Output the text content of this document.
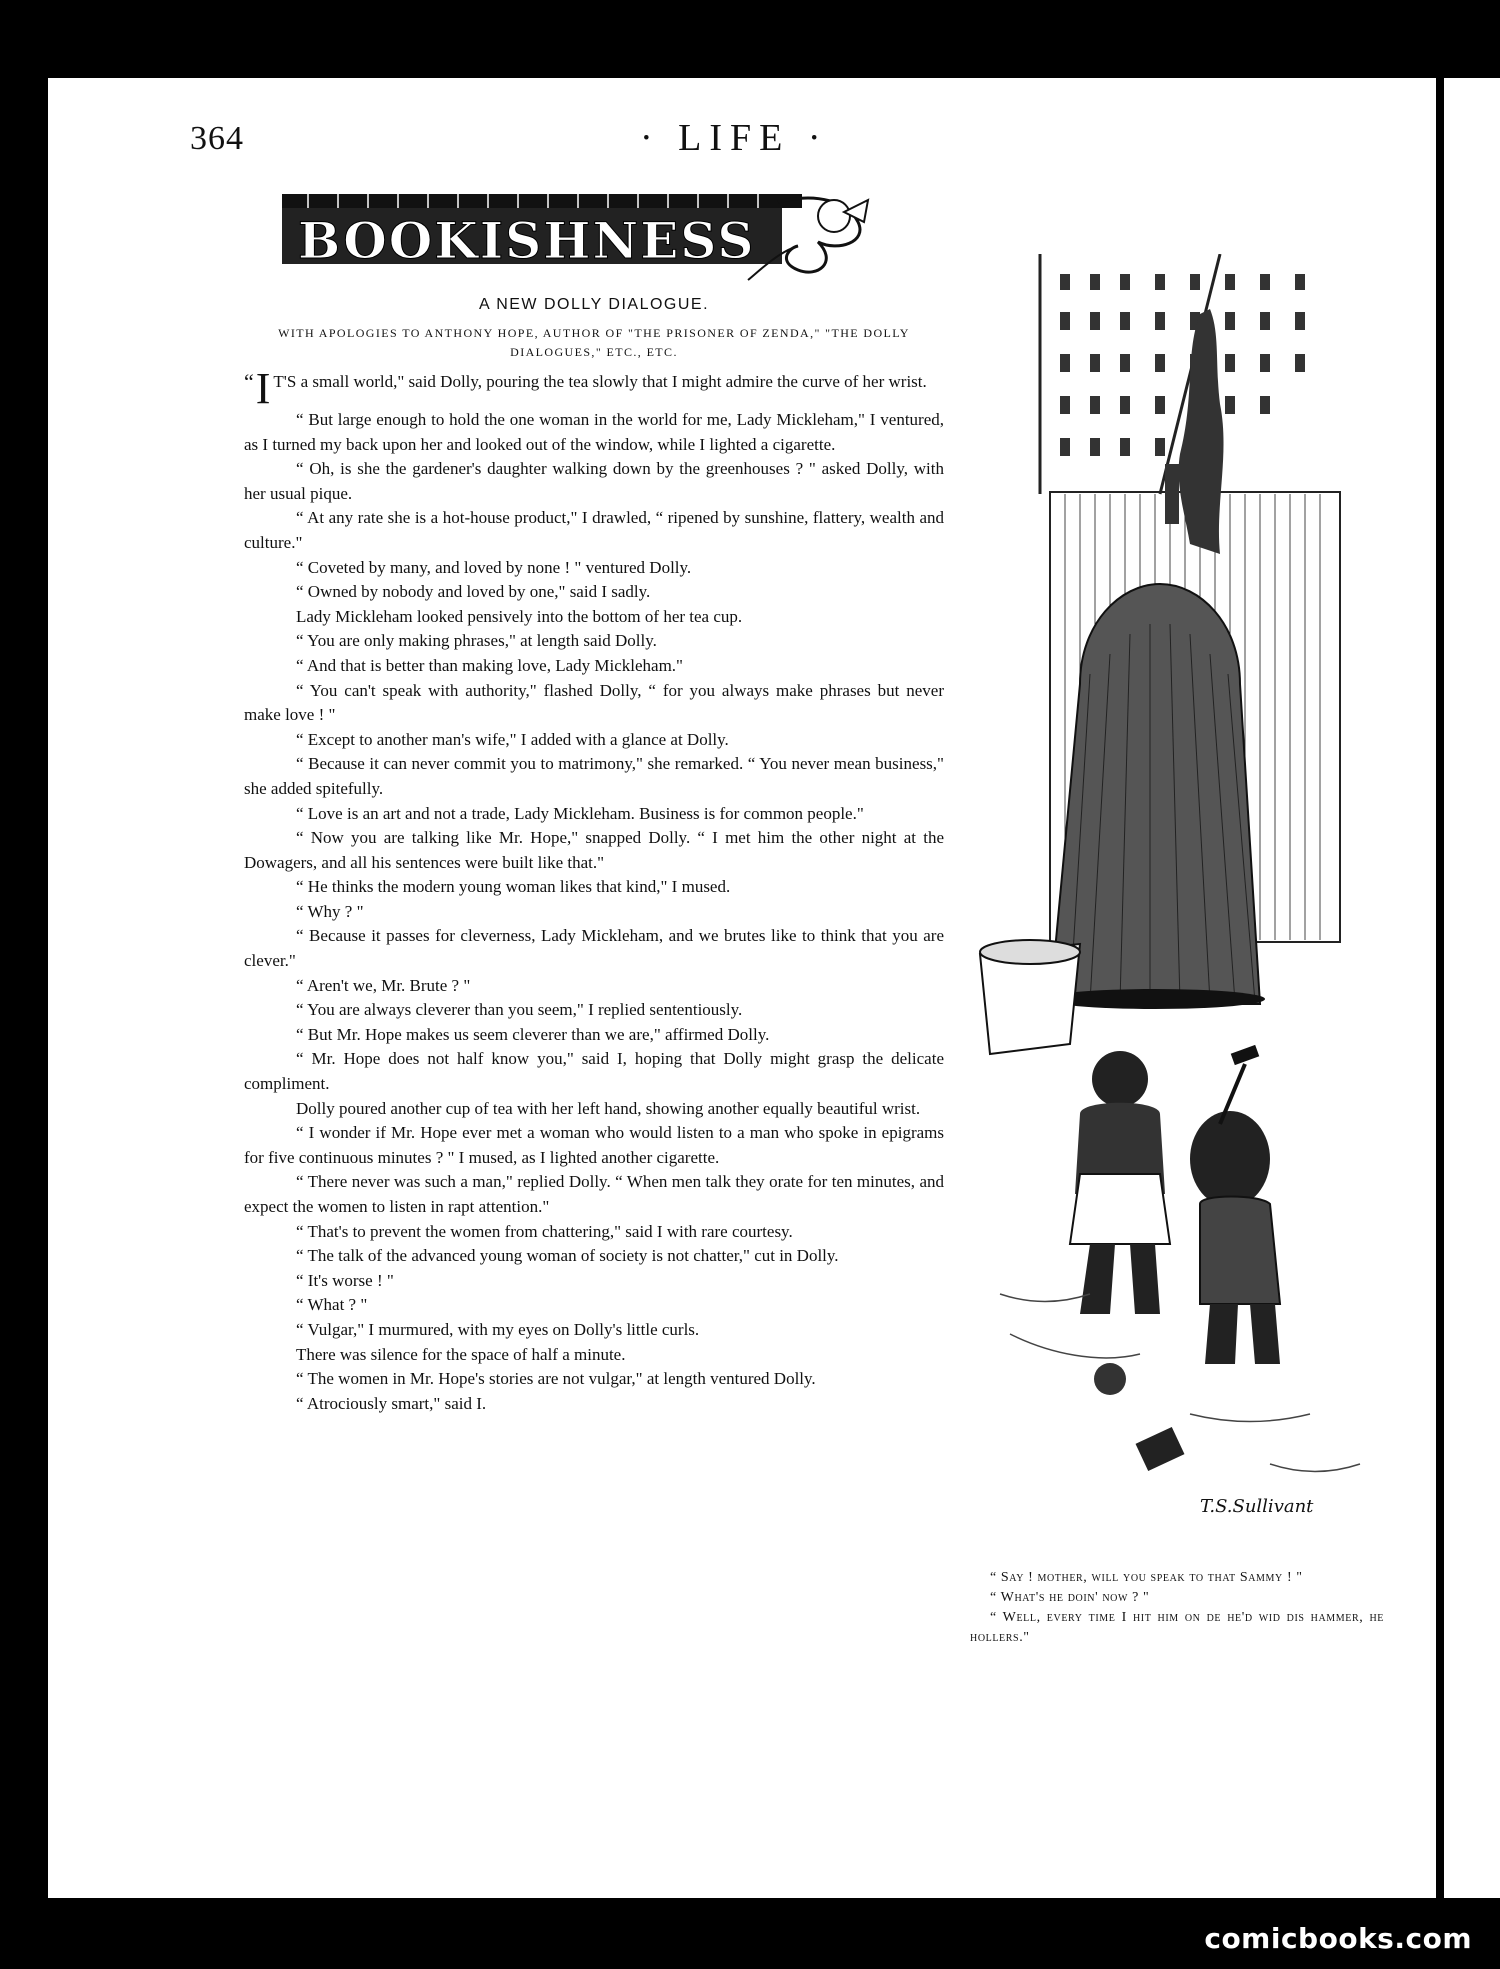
364	· LIFE ·
BOOKISHNESS
A NEW DOLLY DIALOGUE.
WITH APOLOGIES TO ANTHONY HOPE, AUTHOR OF "THE PRISONER OF ZENDA," "THE DOLLY DIALOGUES," ETC., ETC.

“I T'S a small world," said Dolly, pouring the tea slowly that I might admire the curve of her wrist.

“ But large enough to hold the one woman in the world for me, Lady Mickleham," I ventured, as I turned my back upon her and looked out of the window, while I lighted a cigarette.

“ Oh, is she the gardener's daughter walking down by the greenhouses ? " asked Dolly, with her usual pique.

“ At any rate she is a hot-house product," I drawled, “ ripened by sunshine, flattery, wealth and culture."

“ Coveted by many, and loved by none ! " ventured Dolly.

“ Owned by nobody and loved by one," said I sadly.

Lady Mickleham looked pensively into the bottom of her tea cup.

“ You are only making phrases," at length said Dolly.

“ And that is better than making love, Lady Mickleham."

“ You can't speak with authority," flashed Dolly, “ for you always make phrases but never make love ! "

“ Except to another man's wife," I added with a glance at Dolly.

“ Because it can never commit you to matrimony," she remarked. “ You never mean business," she added spitefully.

“ Love is an art and not a trade, Lady Mickleham. Business is for common people."

“ Now you are talking like Mr. Hope," snapped Dolly. “ I met him the other night at the Dowagers, and all his sentences were built like that."

“ He thinks the modern young woman likes that kind," I mused.

“ Why ? "

“ Because it passes for cleverness, Lady Mickleham, and we brutes like to think that you are clever."

“ Aren't we, Mr. Brute ? "

“ You are always cleverer than you seem," I replied sententiously.

“ But Mr. Hope makes us seem cleverer than we are," affirmed Dolly.

“ Mr. Hope does not half know you," said I, hoping that Dolly might grasp the delicate compliment.

Dolly poured another cup of tea with her left hand, showing another equally beautiful wrist.

“ I wonder if Mr. Hope ever met a woman who would listen to a man who spoke in epigrams for five continuous minutes ? " I mused, as I lighted another cigarette.

“ There never was such a man," replied Dolly. “ When men talk they orate for ten minutes, and expect the women to listen in rapt attention."

“ That's to prevent the women from chattering," said I with rare courtesy.

“ The talk of the advanced young woman of society is not chatter," cut in Dolly.

“ It's worse ! "

“ What ? "

“ Vulgar," I murmured, with my eyes on Dolly's little curls.

There was silence for the space of half a minute.

“ The women in Mr. Hope's stories are not vulgar," at length ventured Dolly.

“ Atrociously smart," said I.

T.S.Sullivant

“ Say ! mother, will you speak to that Sammy ! "

“ What's he doin' now ? "

“ Well, every time I hit him on de he'd wid dis hammer, he hollers."

comicbooks.com
